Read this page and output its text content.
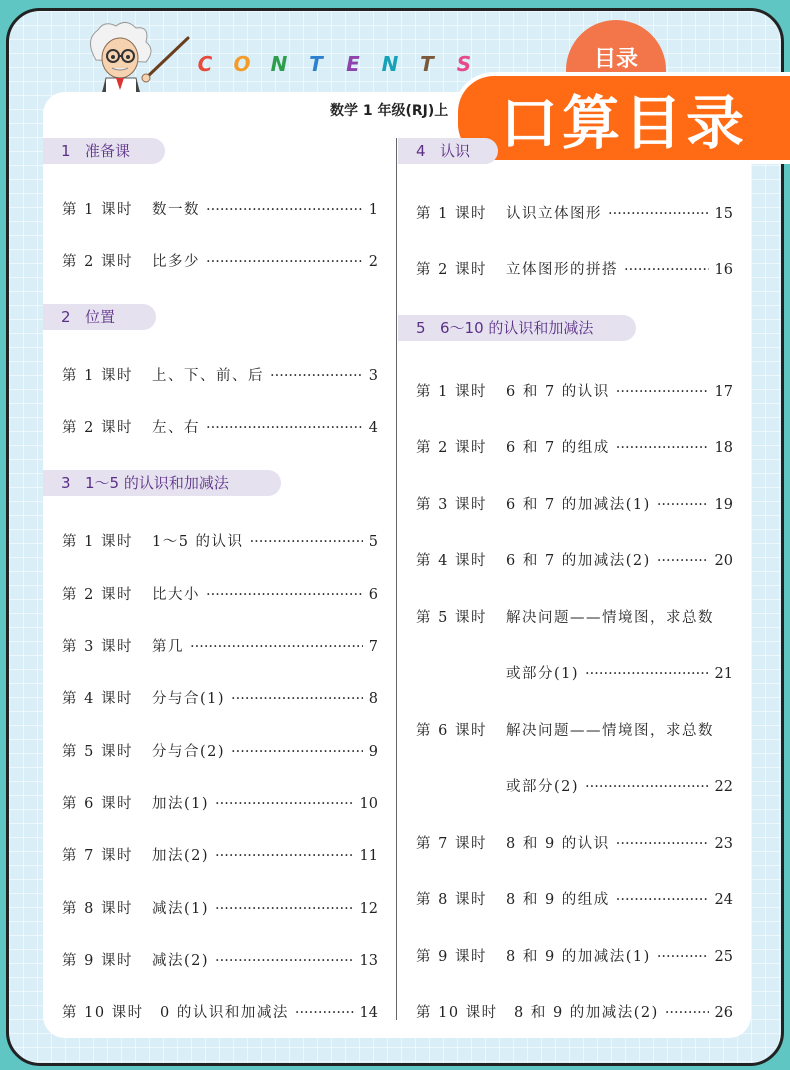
C O N T E N T S	目录
数学 1 年级(RJ)上 口算目录
1 准备课
第 1 课时	数一数 ·····	1
第 2 课时	比多少 ·····	2
2 位置
第 1 课时	上、下、前、后 ·····	3
第 2 课时	左、右 ·····	4
3 1～5 的认识和加减法
第 1 课时	1～5 的认识 ·····	5
第 2 课时	比大小 ·····	6
第 3 课时	第几 ·····	7
第 4 课时	分与合(1) ·····	8
第 5 课时	分与合(2) ·····	9
第 6 课时	加法(1) ·····	10
第 7 课时	加法(2) ·····	11
第 8 课时	减法(1) ·····	12
第 9 课时	减法(2) ·····	13
第 10 课时	0 的认识和加减法 ·····	14
4 认识
第 1 课时	认识立体图形 ·····	15
第 2 课时	立体图形的拼搭 ·····	16
5 6～10 的认识和加减法
第 1 课时	6 和 7 的认识 ·····	17
第 2 课时	6 和 7 的组成 ·····	18
第 3 课时	6 和 7 的加减法(1) ·····	19
第 4 课时	6 和 7 的加减法(2) ·····	20
第 5 课时	解决问题——情境图，求总数
或部分(1) ·····	21
第 6 课时	解决问题——情境图，求总数
或部分(2) ·····	22
第 7 课时	8 和 9 的认识 ·····	23
第 8 课时	8 和 9 的组成 ·····	24
第 9 课时	8 和 9 的加减法(1) ·····	25
第 10 课时	8 和 9 的加减法(2) ·····	26
